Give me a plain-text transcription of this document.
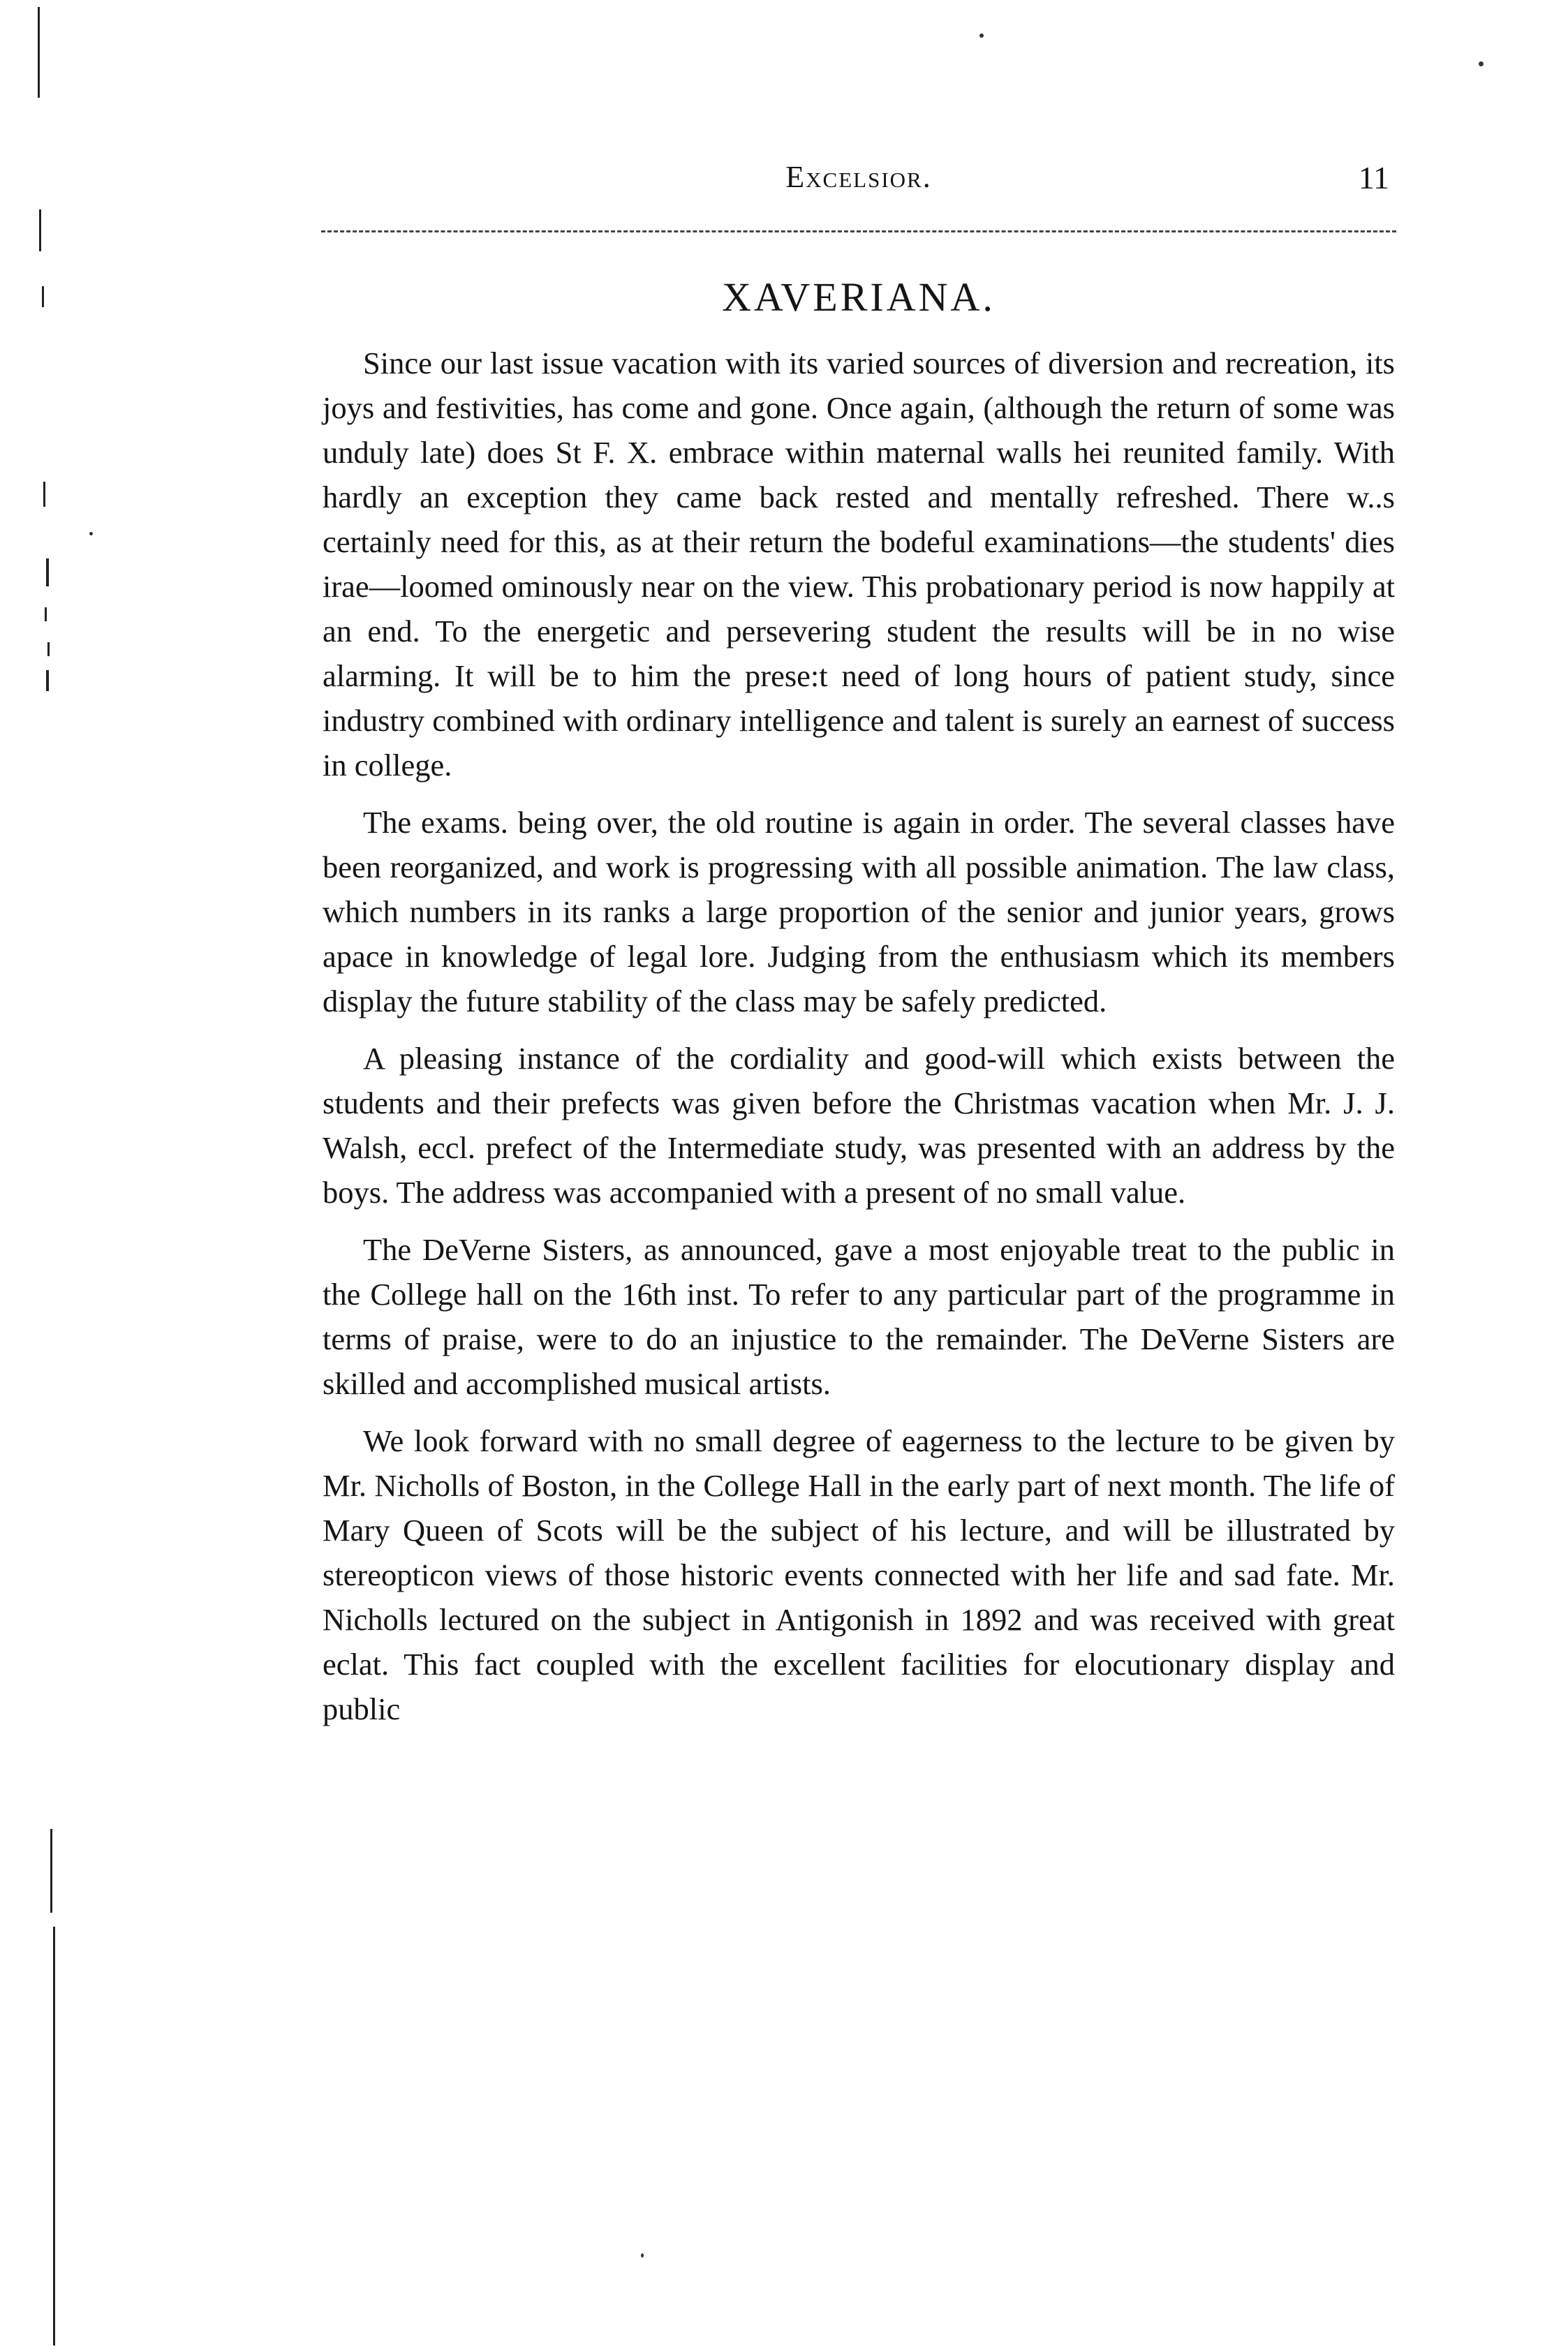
Excelsior.	11
XAVERIANA.

Since our last issue vacation with its varied sources of diversion and recreation, its joys and festivities, has come and gone. Once again, (although the return of some was unduly late) does St F. X. embrace within maternal walls hei reunited family. With hardly an exception they came back rested and mentally refreshed. There w..s certainly need for this, as at their return the bodeful examinations—the students' dies irae—loomed ominously near on the view. This probationary period is now happily at an end. To the energetic and persevering student the results will be in no wise alarming. It will be to him the prese:t need of long hours of patient study, since industry combined with ordinary intelligence and talent is surely an earnest of success in college.

The exams. being over, the old routine is again in order. The several classes have been reorganized, and work is progressing with all possible animation. The law class, which numbers in its ranks a large proportion of the senior and junior years, grows apace in knowledge of legal lore. Judging from the enthusiasm which its members display the future stability of the class may be safely predicted.

A pleasing instance of the cordiality and good-will which exists between the students and their prefects was given before the Christmas vacation when Mr. J. J. Walsh, eccl. prefect of the Intermediate study, was presented with an address by the boys. The address was accompanied with a present of no small value.

The DeVerne Sisters, as announced, gave a most enjoyable treat to the public in the College hall on the 16th inst. To refer to any particular part of the programme in terms of praise, were to do an injustice to the remainder. The DeVerne Sisters are skilled and accomplished musical artists.

We look forward with no small degree of eagerness to the lecture to be given by Mr. Nicholls of Boston, in the College Hall in the early part of next month. The life of Mary Queen of Scots will be the subject of his lecture, and will be illustrated by stereopticon views of those historic events connected with her life and sad fate. Mr. Nicholls lectured on the subject in Antigonish in 1892 and was received with great eclat. This fact coupled with the excellent facilities for elocutionary display and public
